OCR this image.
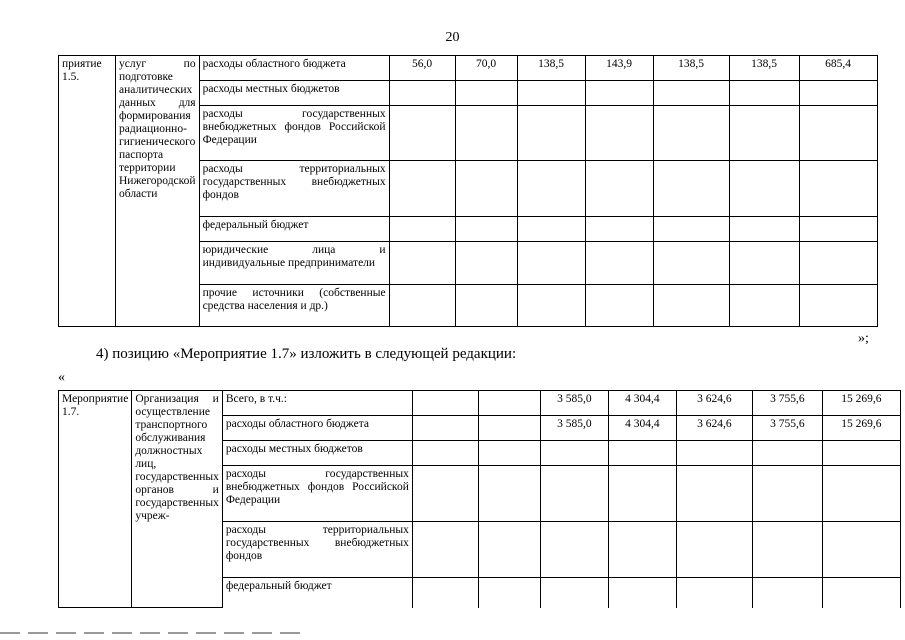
20
приятие 1.5.	услуг по подготовке аналитических данных для формирования радиационно-гигиенического паспорта территории Нижегородской области	расходы областного бюджета	56,0	70,0	138,5	143,9	138,5	138,5	685,4
		расходы местных бюджетов							
		расходы государственных внебюджетных фондов Российской Федерации							
		расходы территориальных государственных внебюджетных фондов							
		федеральный бюджет							
		юридические лица и индивидуальные предприниматели							
		прочие источники (собственные средства населения и др.)							
»;
4) позицию «Мероприятие 1.7» изложить в следующей редакции:
«
Мероприятие 1.7.	Организация и осуществление транспортного обслуживания должностных лиц, государственных органов и государственных учреж-	Всего, в т.ч.:			3 585,0	4 304,4	3 624,6	3 755,6	15 269,6
		расходы областного бюджета			3 585,0	4 304,4	3 624,6	3 755,6	15 269,6
		расходы местных бюджетов							
		расходы государственных внебюджетных фондов Российской Федерации							
		расходы территориальных государственных внебюджетных фондов							
		федеральный бюджет							
